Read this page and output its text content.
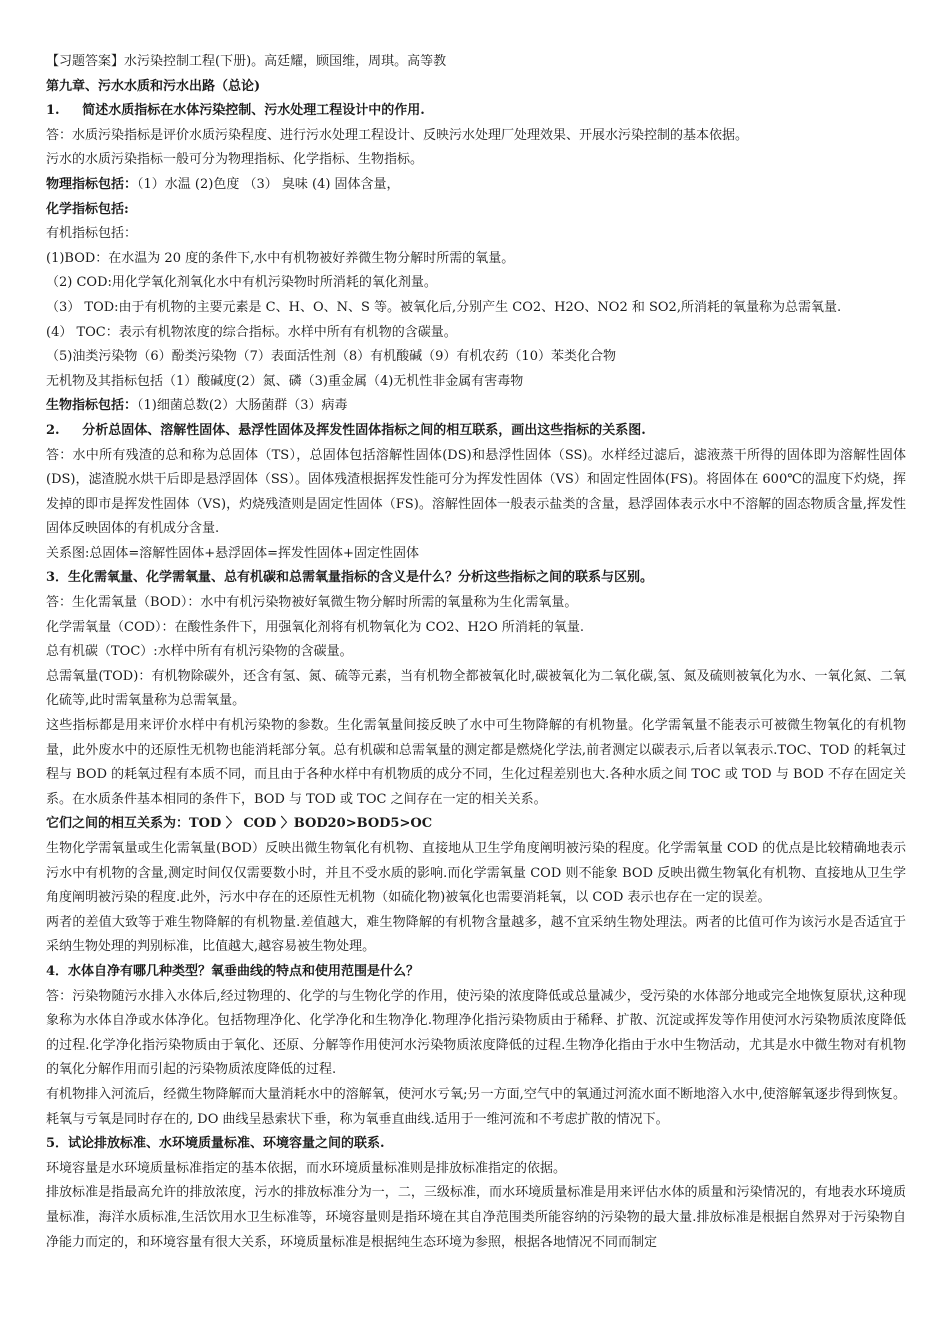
【习题答案】水污染控制工程(下册)。高廷耀，顾国维，周琪。高等教

第九章、污水水质和污水出路（总论)

1.     简述水质指标在水体污染控制、污水处理工程设计中的作用.

答：水质污染指标是评价水质污染程度、进行污水处理工程设计、反映污水处理厂处理效果、开展水污染控制的基本依据。

污水的水质污染指标一般可分为物理指标、化学指标、生物指标。

物理指标包括：（1）水温 (2)色度 （3） 臭味 (4) 固体含量，

化学指标包括:

有机指标包括：

(1)BOD：在水温为 20 度的条件下,水中有机物被好养微生物分解时所需的氧量。

（2) COD:用化学氧化剂氧化水中有机污染物时所消耗的氧化剂量。

（3） TOD:由于有机物的主要元素是 C、H、O、N、S 等。被氧化后,分别产生 CO2、H2O、NO2 和 SO2,所消耗的氧量称为总需氧量.

(4） TOC：表示有机物浓度的综合指标。水样中所有有机物的含碳量。

（5)油类污染物（6）酚类污染物（7）表面活性剂（8）有机酸碱（9）有机农药（10）苯类化合物

无机物及其指标包括（1）酸碱度(2）氮、磷（3)重金属（4)无机性非金属有害毒物

生物指标包括：（1)细菌总数(2）大肠菌群（3）病毒

2.     分析总固体、溶解性固体、悬浮性固体及挥发性固体指标之间的相互联系，画出这些指标的关系图.

答：水中所有残渣的总和称为总固体（TS），总固体包括溶解性固体(DS)和悬浮性固体（SS)。水样经过滤后，滤液蒸干所得的固体即为溶解性固体(DS)，滤渣脱水烘干后即是悬浮固体（SS）。固体残渣根据挥发性能可分为挥发性固体（VS）和固定性固体(FS)。将固体在 600℃的温度下灼烧，挥发掉的即市是挥发性固体（VS)，灼烧残渣则是固定性固体（FS)。溶解性固体一般表示盐类的含量，悬浮固体表示水中不溶解的固态物质含量,挥发性固体反映固体的有机成分含量.

关系图:总固体=溶解性固体+悬浮固体=挥发性固体+固定性固体

3．生化需氧量、化学需氧量、总有机碳和总需氧量指标的含义是什么？分析这些指标之间的联系与区别。

答：生化需氧量（BOD）：水中有机污染物被好氧微生物分解时所需的氧量称为生化需氧量。

化学需氧量（COD）：在酸性条件下，用强氧化剂将有机物氧化为 CO2、H2O 所消耗的氧量.

总有机碳（TOC）:水样中所有有机污染物的含碳量。

总需氧量(TOD)：有机物除碳外，还含有氢、氮、硫等元素，当有机物全都被氧化时,碳被氧化为二氧化碳,氢、氮及硫则被氧化为水、一氧化氮、二氧化硫等,此时需氧量称为总需氧量。

这些指标都是用来评价水样中有机污染物的参数。生化需氧量间接反映了水中可生物降解的有机物量。化学需氧量不能表示可被微生物氧化的有机物量，此外废水中的还原性无机物也能消耗部分氧。总有机碳和总需氧量的测定都是燃烧化学法,前者测定以碳表示,后者以氧表示.TOC、TOD 的耗氧过程与 BOD 的耗氧过程有本质不同，而且由于各种水样中有机物质的成分不同，生化过程差别也大.各种水质之间 TOC 或 TOD 与 BOD 不存在固定关系。在水质条件基本相同的条件下，BOD 与 TOD 或 TOC 之间存在一定的相关关系。

它们之间的相互关系为：TOD 〉 COD 〉BOD20>BOD5>OC

生物化学需氧量或生化需氧量(BOD）反映出微生物氧化有机物、直接地从卫生学角度阐明被污染的程度。化学需氧量 COD 的优点是比较精确地表示污水中有机物的含量,测定时间仅仅需要数小时，并且不受水质的影响.而化学需氧量 COD 则不能象 BOD 反映出微生物氧化有机物、直接地从卫生学角度阐明被污染的程度.此外，污水中存在的还原性无机物（如硫化物)被氧化也需要消耗氧，以 COD 表示也存在一定的误差。

两者的差值大致等于难生物降解的有机物量.差值越大，难生物降解的有机物含量越多，越不宜采纳生物处理法。两者的比值可作为该污水是否适宜于采纳生物处理的判别标准，比值越大,越容易被生物处理。

4．水体自净有哪几种类型？氧垂曲线的特点和使用范围是什么？

答：污染物随污水排入水体后,经过物理的、化学的与生物化学的作用，使污染的浓度降低或总量减少，受污染的水体部分地或完全地恢复原状,这种现象称为水体自净或水体净化。包括物理净化、化学净化和生物净化.物理净化指污染物质由于稀释、扩散、沉淀或挥发等作用使河水污染物质浓度降低的过程.化学净化指污染物质由于氧化、还原、分解等作用使河水污染物质浓度降低的过程.生物净化指由于水中生物活动，尤其是水中微生物对有机物的氧化分解作用而引起的污染物质浓度降低的过程.

有机物排入河流后，经微生物降解而大量消耗水中的溶解氧，使河水亏氧;另一方面,空气中的氧通过河流水面不断地溶入水中,使溶解氧逐步得到恢复。耗氧与亏氧是同时存在的, DO 曲线呈悬索状下垂，称为氧垂直曲线.适用于一维河流和不考虑扩散的情况下。

5．试论排放标准、水环境质量标准、环境容量之间的联系.

环境容量是水环境质量标准指定的基本依据，而水环境质量标准则是排放标准指定的依据。

排放标准是指最高允许的排放浓度，污水的排放标准分为一，二，三级标准，而水环境质量标准是用来评估水体的质量和污染情况的，有地表水环境质量标准，海洋水质标准,生活饮用水卫生标准等，环境容量则是指环境在其自净范围类所能容纳的污染物的最大量.排放标准是根据自然界对于污染物自净能力而定的，和环境容量有很大关系，环境质量标准是根据纯生态环境为参照，根据各地情况不同而制定
